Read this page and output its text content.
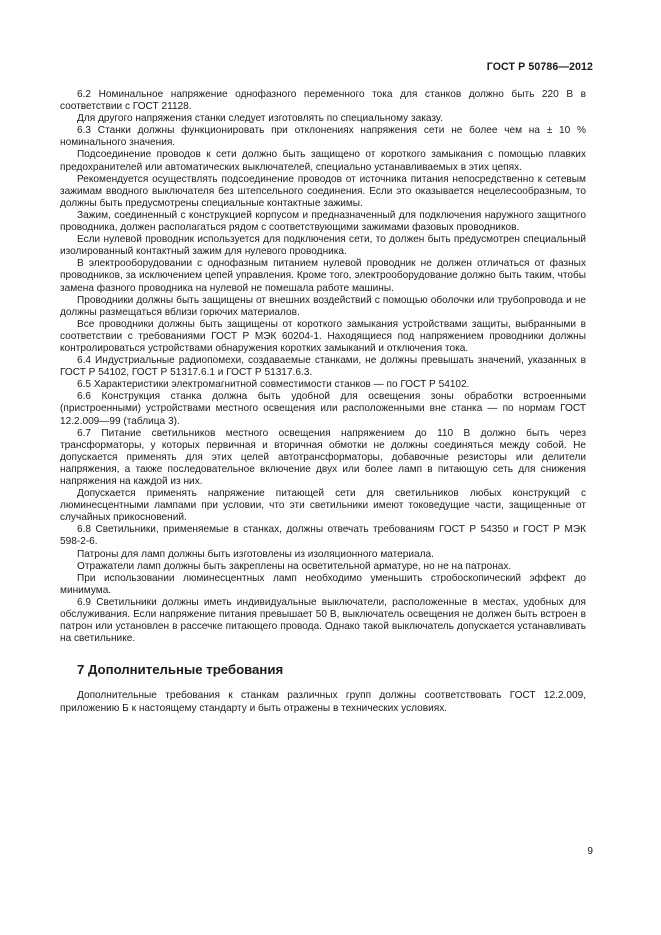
ГОСТ Р 50786—2012

6.2 Номинальное напряжение однофазного переменного тока для станков должно быть 220 В в соответствии с ГОСТ 21128.

Для другого напряжения станки следует изготовлять по специальному заказу.

6.3 Станки должны функционировать при отклонениях напряжения сети не более чем на ± 10 % номинального значения.

Подсоединение проводов к сети должно быть защищено от короткого замыкания с помощью плавких предохранителей или автоматических выключателей, специально устанавливаемых в этих цепях.

Рекомендуется осуществлять подсоединение проводов от источника питания непосредственно к сетевым зажимам вводного выключателя без штепсельного соединения. Если это оказывается нецелесообразным, то должны быть предусмотрены специальные контактные зажимы.

Зажим, соединенный с конструкцией корпусом и предназначенный для подключения наружного защитного проводника, должен располагаться рядом с соответствующими зажимами фазовых проводников.

Если нулевой проводник используется для подключения сети, то должен быть предусмотрен специальный изолированный контактный зажим для нулевого проводника.

В электрооборудовании с однофазным питанием нулевой проводник не должен отличаться от фазных проводников, за исключением цепей управления. Кроме того, электрооборудование должно быть таким, чтобы замена фазного проводника на нулевой не помешала работе машины.

Проводники должны быть защищены от внешних воздействий с помощью оболочки или трубопровода и не должны размещаться вблизи горючих материалов.

Все проводники должны быть защищены от короткого замыкания устройствами защиты, выбранными в соответствии с требованиями ГОСТ Р МЭК 60204-1. Находящиеся под напряжением проводники должны контролироваться устройствами обнаружения коротких замыканий и отключения тока.

6.4 Индустриальные радиопомехи, создаваемые станками, не должны превышать значений, указанных в ГОСТ Р 54102, ГОСТ Р 51317.6.1 и ГОСТ Р 51317.6.3.

6.5 Характеристики электромагнитной совместимости станков — по ГОСТ Р 54102.

6.6 Конструкция станка должна быть удобной для освещения зоны обработки встроенными (пристроенными) устройствами местного освещения или расположенными вне станка — по нормам ГОСТ 12.2.009—99 (таблица 3).

6.7 Питание светильников местного освещения напряжением до 110 В должно быть через трансформаторы, у которых первичная и вторичная обмотки не должны соединяться между собой. Не допускается применять для этих целей автотрансформаторы, добавочные резисторы или делители напряжения, а также последовательное включение двух или более ламп в питающую сеть для снижения напряжения на каждой из них.

Допускается применять напряжение питающей сети для светильников любых конструкций с люминесцентными лампами при условии, что эти светильники имеют токоведущие части, защищенные от случайных прикосновений.

6.8 Светильники, применяемые в станках, должны отвечать требованиям ГОСТ Р 54350 и ГОСТ Р МЭК 598-2-6.

Патроны для ламп должны быть изготовлены из изоляционного материала.

Отражатели ламп должны быть закреплены на осветительной арматуре, но не на патронах.

При использовании люминесцентных ламп необходимо уменьшить стробоскопический эффект до минимума.

6.9 Светильники должны иметь индивидуальные выключатели, расположенные в местах, удобных для обслуживания. Если напряжение питания превышает 50 В, выключатель освещения не должен быть встроен в патрон или установлен в рассечке питающего провода. Однако такой выключатель допускается устанавливать на светильнике.

7 Дополнительные требования

Дополнительные требования к станкам различных групп должны соответствовать ГОСТ 12.2.009, приложению Б к настоящему стандарту и быть отражены в технических условиях.

9
